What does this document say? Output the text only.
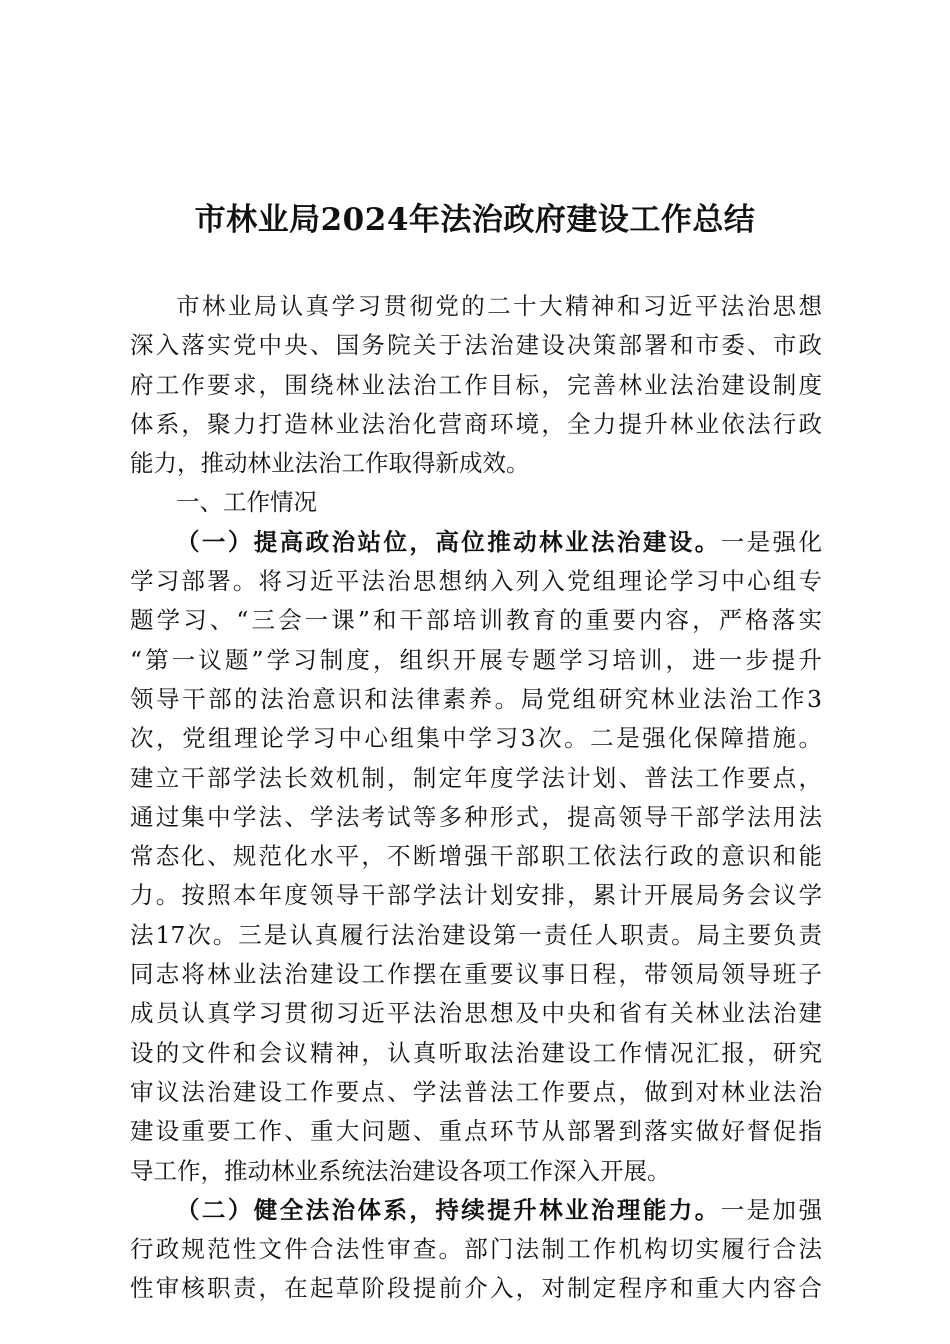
市林业局2024年法治政府建设工作总结
市林业局认真学习贯彻党的二十大精神和习近平法治思想
深入落实党中央、国务院关于法治建设决策部署和市委、市政
府工作要求，围绕林业法治工作目标，完善林业法治建设制度
体系，聚力打造林业法治化营商环境，全力提升林业依法行政
能力，推动林业法治工作取得新成效。
一、工作情况
（一）提高政治站位，高位推动林业法治建设。一是强化
学习部署。将习近平法治思想纳入列入党组理论学习中心组专
题学习、“三会一课”和干部培训教育的重要内容，严格落实
“第一议题”学习制度，组织开展专题学习培训，进一步提升
领导干部的法治意识和法律素养。局党组研究林业法治工作3
次，党组理论学习中心组集中学习3次。二是强化保障措施。
建立干部学法长效机制，制定年度学法计划、普法工作要点，
通过集中学法、学法考试等多种形式，提高领导干部学法用法
常态化、规范化水平，不断增强干部职工依法行政的意识和能
力。按照本年度领导干部学法计划安排，累计开展局务会议学
法17次。三是认真履行法治建设第一责任人职责。局主要负责
同志将林业法治建设工作摆在重要议事日程，带领局领导班子
成员认真学习贯彻习近平法治思想及中央和省有关林业法治建
设的文件和会议精神，认真听取法治建设工作情况汇报，研究
审议法治建设工作要点、学法普法工作要点，做到对林业法治
建设重要工作、重大问题、重点环节从部署到落实做好督促指
导工作，推动林业系统法治建设各项工作深入开展。
（二）健全法治体系，持续提升林业治理能力。一是加强
行政规范性文件合法性审查。部门法制工作机构切实履行合法
性审核职责，在起草阶段提前介入，对制定程序和重大内容合
